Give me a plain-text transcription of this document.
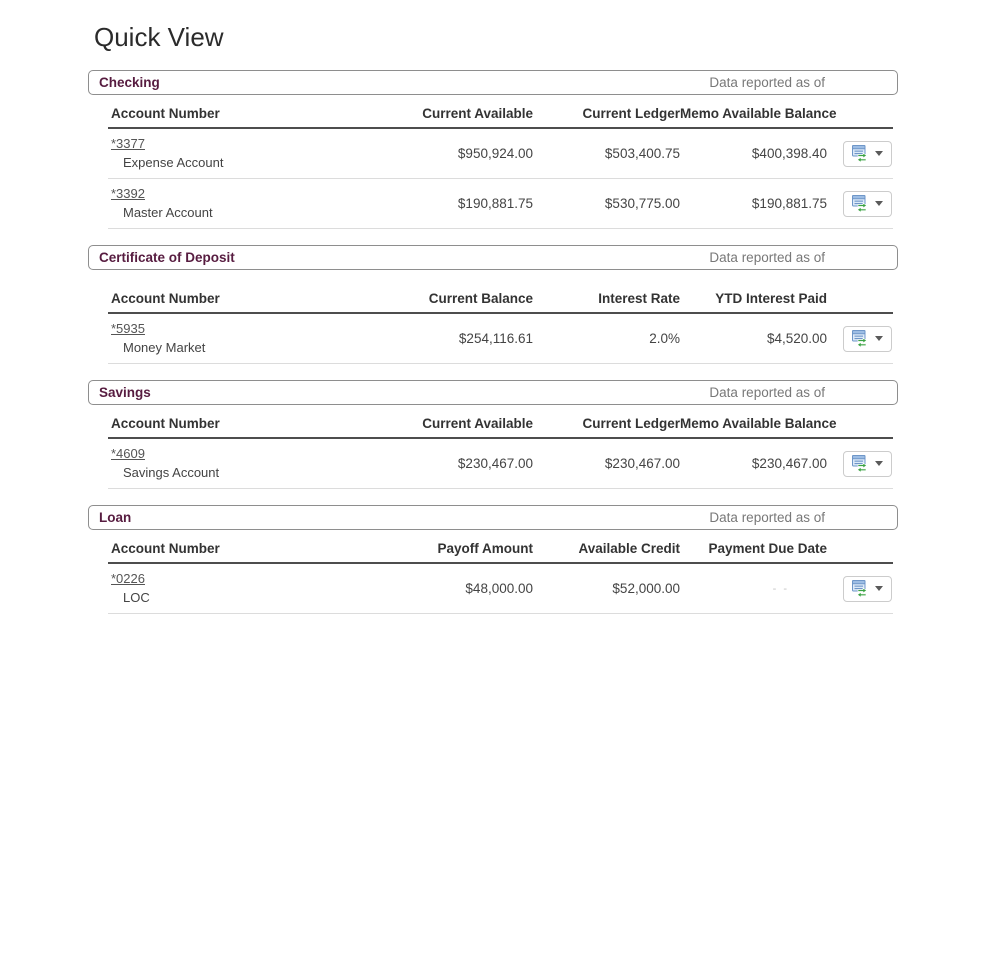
Quick View
Checking	Data reported as of
Account Number	Current Available	Current Ledger	Memo Available Balance	
*3377
Expense Account	$950,924.00	$503,400.75	$400,398.40	

*3392
Master Account	$190,881.75	$530,775.00	$190,881.75	
Certificate of Deposit	Data reported as of
Account Number	Current Balance	Interest Rate	YTD Interest Paid	
*5935
Money Market	$254,116.61	2.0%	$4,520.00	
Savings	Data reported as of
Account Number	Current Available	Current Ledger	Memo Available Balance	
*4609
Savings Account	$230,467.00	$230,467.00	$230,467.00	
Loan	Data reported as of
Account Number	Payoff Amount	Available Credit	Payment Due Date	
*0226
LOC	$48,000.00	$52,000.00	- -	
